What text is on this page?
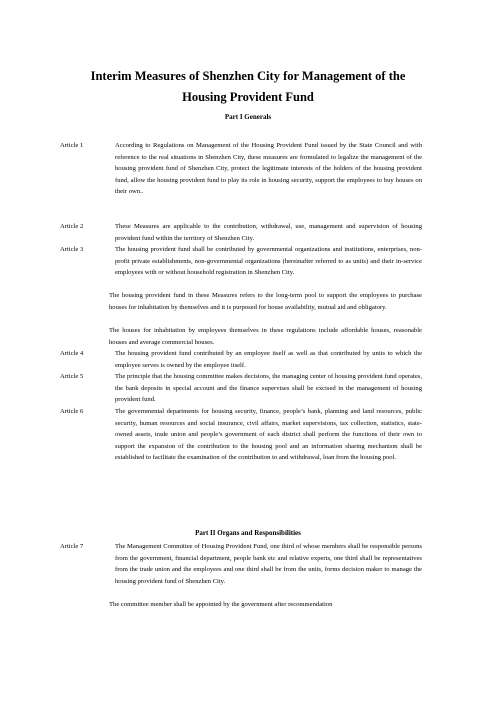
Interim Measures of Shenzhen City for Management of the
Housing Provident Fund
Part I Generals
Article 1	According to Regulations on Management of the Housing Provident Fund issued by the State Council and with reference to the real situations in Shenzhen City, these measures are formulated to legalize the management of the housing provident fund of Shenzhen City, protect the legitimate interests of the holders of the housing provident fund, allow the housing provident fund to play its role in housing security, support the employees to buy houses on their own..
Article 2	These Measures are applicable to the contribution, withdrawal, use, management and supervision of housing provident fund within the territory of Shenzhen City.
Article 3	The housing provident fund shall be contributed by governmental organizations and institutions, enterprises, non-profit private establishments, non-governmental organizations (hereinafter referred to as units) and their in-service employees with or without household registration in Shenzhen City.
The housing provident fund in these Measures refers to the long-term pool to support the employees to purchase houses for inhabitation by themselves and it is purposed for house availability, mutual aid and obligatory.
The houses for inhabitation by employees themselves in these regulations include affordable houses, reasonable houses and average commercial houses.
Article 4	The housing provident fund contributed by an employee itself as well as that contributed by units to which the employee serves is owned by the employee itself.
Article 5	The principle that the housing committee makes decisions, the managing center of housing provident fund operates, the bank deposits in special account and the finance supervises shall be excised in the management of housing provident fund.
Article 6	The governmental departments for housing security, finance, people’s bank, planning and land resources, public security, human resources and social insurance, civil affairs, market supervisions, tax collection, statistics, state-owned assets, trade union and people’s government of each district shall perform the functions of their own to support the expansion of the contribution to the housing pool and an information sharing mechanism shall be established to facilitate the examination of the contribution to and withdrawal, loan from the housing pool.
Part II Organs and Responsibilities
Article 7	The Management Committee of Housing Provident Fund, one third of whose members shall be responsible persons from the government, financial department, people bank etc and relative experts, one third shall be representatives from the trade union and the employees and one third shall be from the units, forms decision maker to manage the housing provident fund of Shenzhen City.
The committee member shall be appointed by the government after recommendation
